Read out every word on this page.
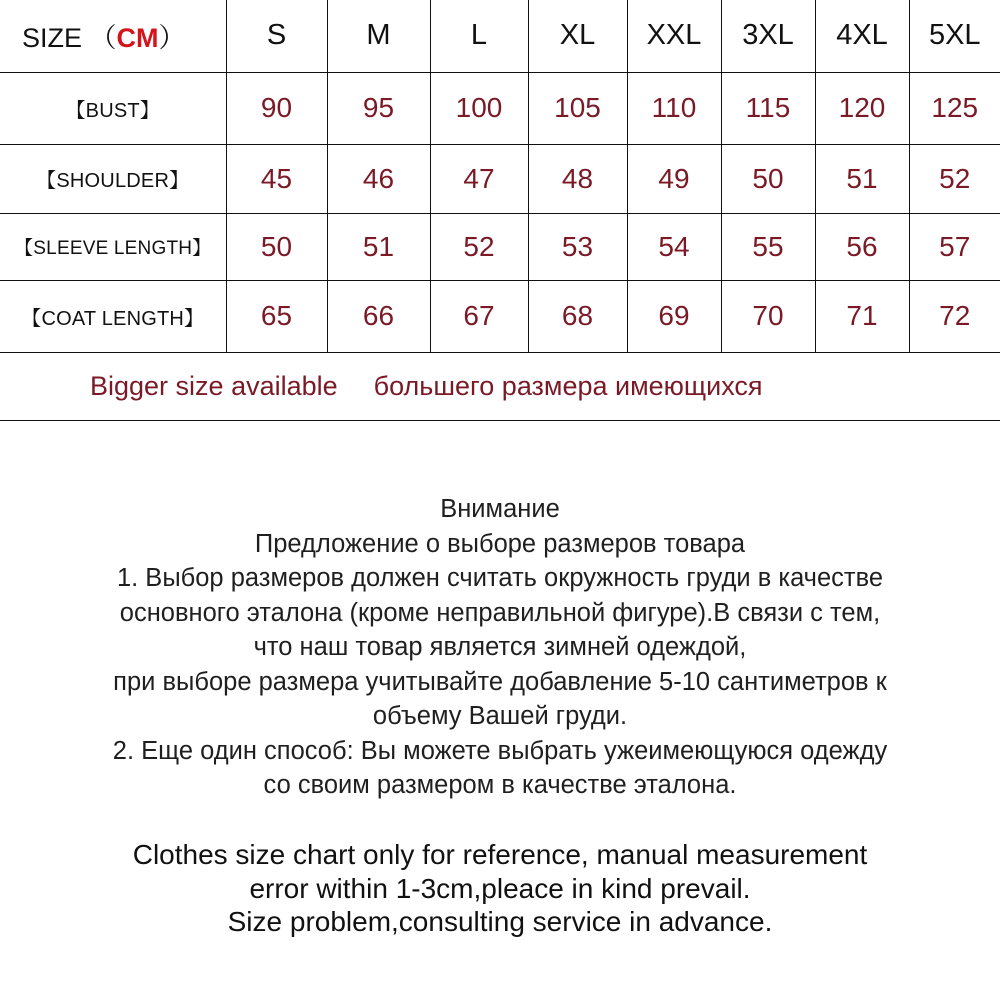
SIZE （CM）	S	M	L	XL	XXL	3XL	4XL	5XL
【BUST】	90	95	100	105	110	115	120	125
【SHOULDER】	45	46	47	48	49	50	51	52
【SLEEVE LENGTH】	50	51	52	53	54	55	56	57
【COAT LENGTH】	65	66	67	68	69	70	71	72
Bigger size available большего размера имеющихся								
Внимание
Предложение о выборе размеров товара
1. Выбор размеров должен считать окружность груди в качестве
основного эталона (кроме неправильной фигуре).В связи с тем,
что наш товар является зимней одеждой,
при выборе размера учитывайте добавление 5-10 сантиметров к
объему Вашей груди.
2. Еще один способ: Вы можете выбрать ужеимеющуюся одежду
со своим размером в качестве эталона.
Clothes size chart only for reference, manual measurement
error within 1-3cm,pleace in kind prevail.
Size problem,consulting service in advance.
